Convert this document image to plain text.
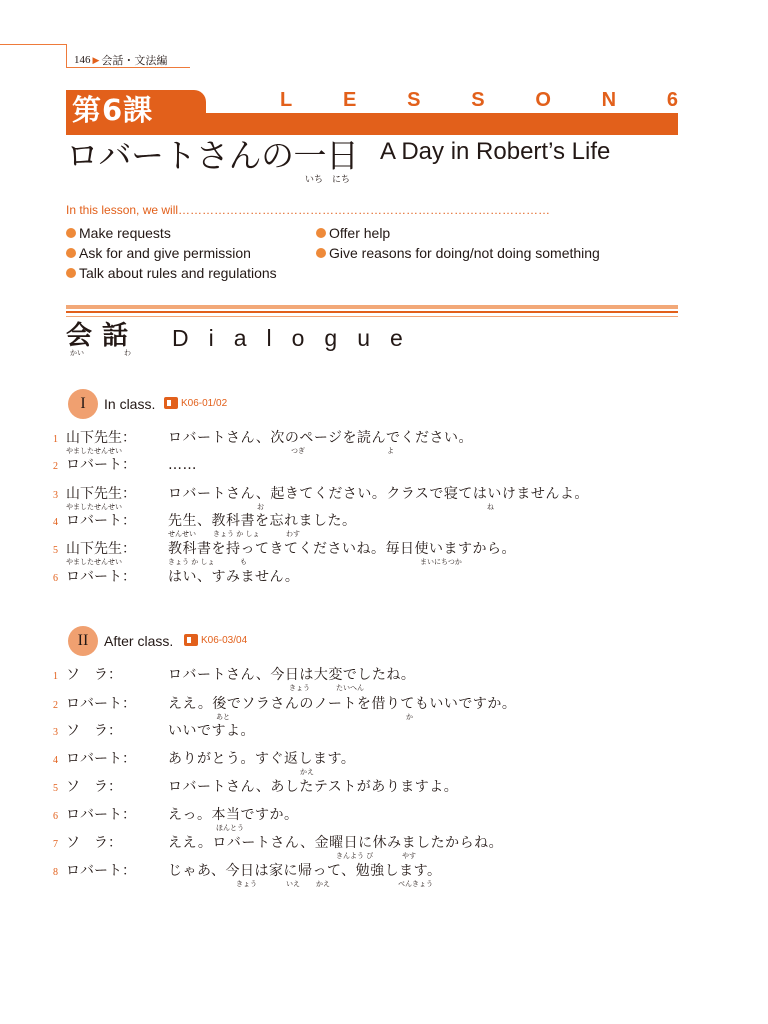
146 ▶ 会話・文法編
第6課	L	E	S	S	O	N	6
ロバートさんの一日
いち　にち
A Day in Robert’s Life
In this lesson, we will…………………………………………………………………………………
Make requests
Ask for and give permission
Talk about rules and regulations
Offer help
Give reasons for doing/not doing something
会話
かい	わ
Dialogue
I	In class.	K06-01/02
II	After class.	K06-03/04
1 山下先生：
やましたせんせい
ロバートさん、次のページを読んでください。
つぎ	よ
2 ロバート： ……
3 山下先生：
やましたせんせい
ロバートさん、起きてください。クラスで寝てはいけませんよ。
お	ね
4 ロバート： 先生、教科書を忘れました。
せんせい きょう か しょ	わす
5 山下先生：
やましたせんせい
教科書を持ってきてくださいね。毎日使いますから。
きょう か しょ	も	まいにちつか
6 ロバート： はい、すみません。
1 ソ　ラ：	ロバートさん、今日は大変でしたね。
きょう	たいへん
2 ロバート： ええ。後でソラさんのノートを借りてもいいですか。
あと	か
3 ソ　ラ：	いいですよ。
4 ロバート： ありがとう。すぐ返します。
かえ
5 ソ　ラ：	ロバートさん、あしたテストがありますよ。
6 ロバート： えっ。本当ですか。
ほんとう
7 ソ　ラ：	ええ。ロバートさん、金曜日に休みましたからね。
きんよう び	やす
8 ロバート： じゃあ、今日は家に帰って、勉強します。
きょう	いえ かえ	べんきょう
